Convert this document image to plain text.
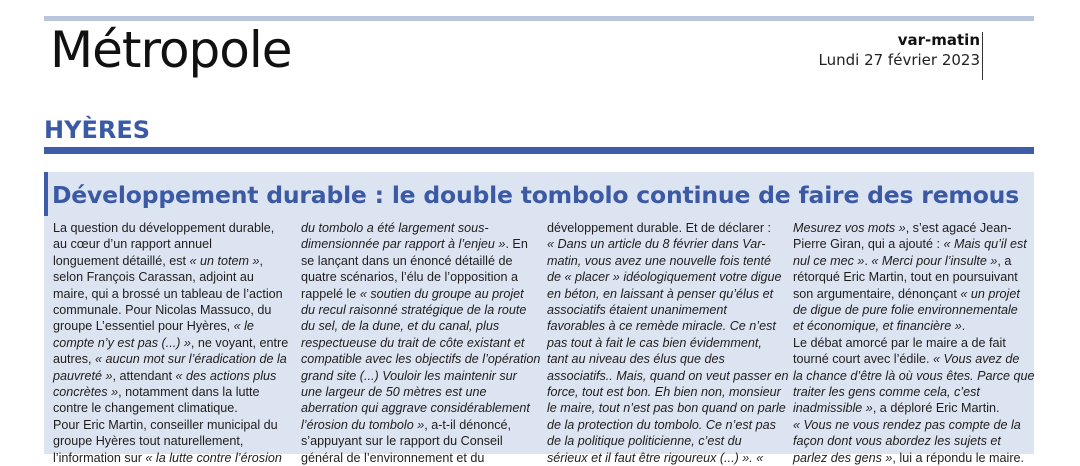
Métropole	var-matin
Lundi 27 février 2023
HYÈRES
Développement durable : le double tombolo continue de faire des remous
La question du développement durable,
au cœur d’un rapport annuel
longuement détaillé, est « un totem »,
selon François Carassan, adjoint au
maire, qui a brossé un tableau de l’action
communale. Pour Nicolas Massuco, du
groupe L’essentiel pour Hyères, « le
compte n’y est pas (...) », ne voyant, entre
autres, « aucun mot sur l’éradication de la
pauvreté », attendant « des actions plus
concrètes », notamment dans la lutte
contre le changement climatique.
Pour Eric Martin, conseiller municipal du
groupe Hyères tout naturellement,
l’information sur « la lutte contre l’érosion
du tombolo a été largement sous-
dimensionnée par rapport à l’enjeu ». En
se lançant dans un énoncé détaillé de
quatre scénarios, l’élu de l’opposition a
rappelé le « soutien du groupe au projet
du recul raisonné stratégique de la route
du sel, de la dune, et du canal, plus
respectueuse du trait de côte existant et
compatible avec les objectifs de l’opération
grand site (...) Vouloir les maintenir sur
une largeur de 50 mètres est une
aberration qui aggrave considérablement
l’érosion du tombolo », a-t-il dénoncé,
s’appuyant sur le rapport du Conseil
général de l’environnement et du
développement durable. Et de déclarer :
« Dans un article du 8 février dans Var-
matin, vous avez une nouvelle fois tenté
de « placer » idéologiquement votre digue
en béton, en laissant à penser qu’élus et
associatifs étaient unanimement
favorables à ce remède miracle. Ce n’est
pas tout à fait le cas bien évidemment,
tant au niveau des élus que des
associatifs.. Mais, quand on veut passer en
force, tout est bon. Eh bien non, monsieur
le maire, tout n’est pas bon quand on parle
de la protection du tombolo. Ce n’est pas
de la politique politicienne, c’est du
sérieux et il faut être rigoureux (...) ». «
Mesurez vos mots », s’est agacé Jean-
Pierre Giran, qui a ajouté : « Mais qu’il est
nul ce mec ». « Merci pour l’insulte », a
rétorqué Eric Martin, tout en poursuivant
son argumentaire, dénonçant « un projet
de digue de pure folie environnementale
et économique, et financière ».
Le débat amorcé par le maire a de fait
tourné court avec l’édile. « Vous avez de
la chance d’être là où vous êtes. Parce que
traiter les gens comme cela, c’est
inadmissible », a déploré Eric Martin.
« Vous ne vous rendez pas compte de la
façon dont vous abordez les sujets et
parlez des gens », lui a répondu le maire.
